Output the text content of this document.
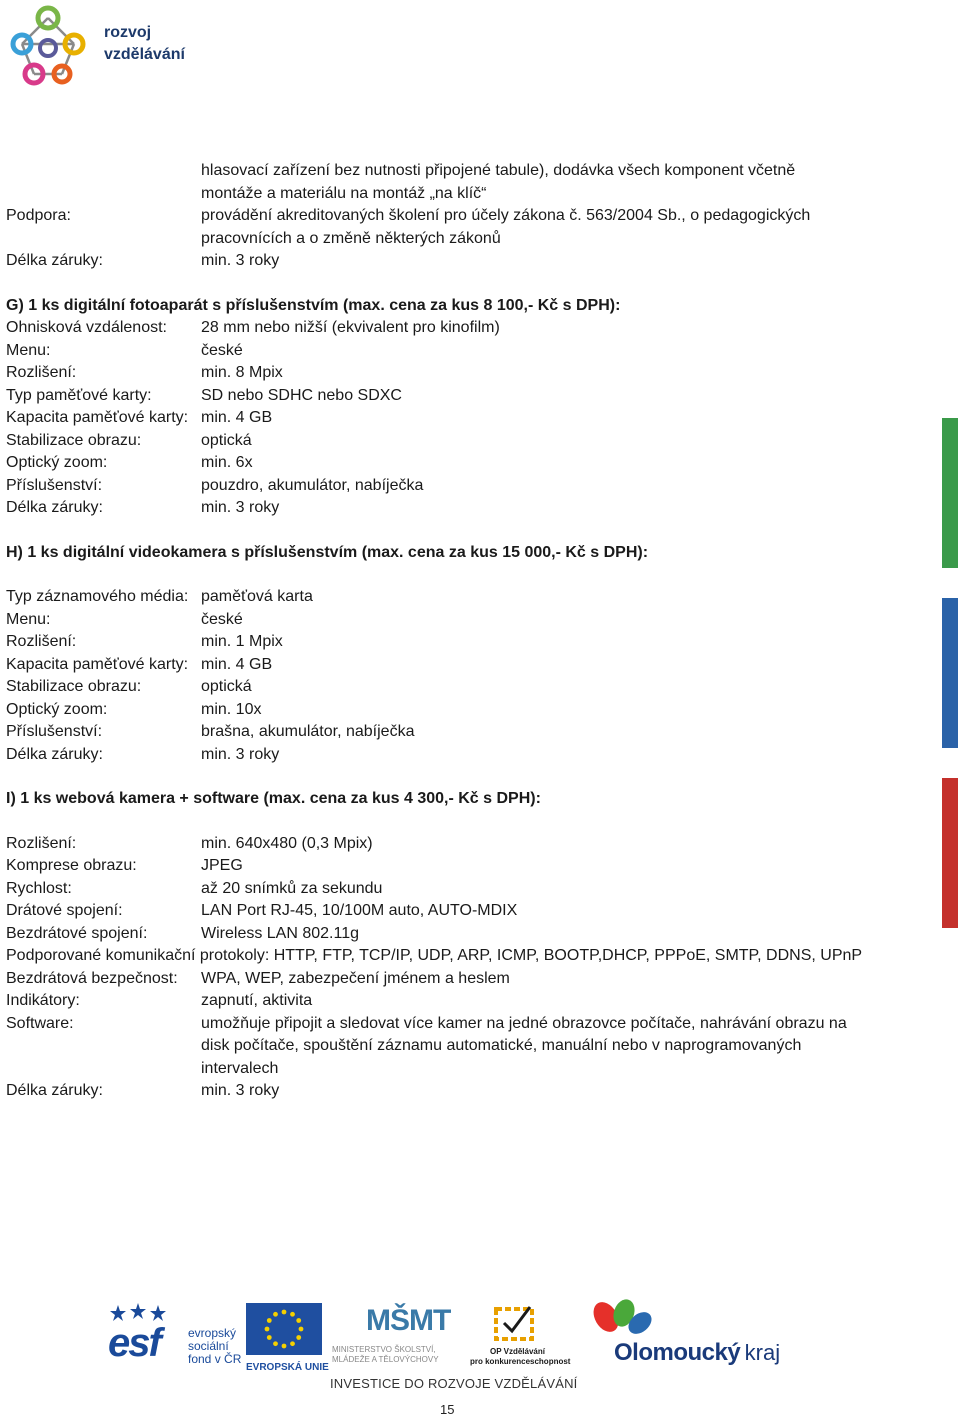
rozvoj
vzdělávání
hlasovací zařízení bez nutnosti připojené tabule), dodávka všech komponent včetně
montáže a materiálu na montáž „na klíč“
Podpora:	provádění akreditovaných školení pro účely zákona č. 563/2004 Sb., o pedagogických
pracovnících a o změně některých zákonů
Délka záruky:	min. 3 roky
G) 1 ks digitální fotoaparát s příslušenstvím (max. cena za kus 8 100,- Kč s DPH):
Ohnisková vzdálenost: 28 mm nebo nižší (ekvivalent pro kinofilm)
Menu:	české
Rozlišení:	min. 8 Mpix
Typ paměťové karty:	SD nebo SDHC nebo SDXC
Kapacita paměťové karty: min. 4 GB
Stabilizace obrazu:	optická
Optický zoom:	min. 6x
Příslušenství:	pouzdro, akumulátor, nabíječka
Délka záruky:	min. 3 roky
H) 1 ks digitální videokamera s příslušenstvím (max. cena za kus 15 000,- Kč s DPH):
Typ záznamového média: paměťová karta
Menu:	české
Rozlišení:	min. 1 Mpix
Kapacita paměťové karty: min. 4 GB
Stabilizace obrazu:	optická
Optický zoom:	min. 10x
Příslušenství:	brašna, akumulátor, nabíječka
Délka záruky:	min. 3 roky
I) 1 ks webová kamera + software (max. cena za kus 4 300,- Kč s DPH):
Rozlišení:	min. 640x480 (0,3 Mpix)
Komprese obrazu:	JPEG
Rychlost:	až 20 snímků za sekundu
Drátové spojení:	LAN Port RJ-45, 10/100M auto, AUTO-MDIX
Bezdrátové spojení:	Wireless LAN 802.11g
Podporované komunikační protokoly: HTTP, FTP, TCP/IP, UDP, ARP, ICMP, BOOTP,DHCP, PPPoE, SMTP, DDNS, UPnP
Bezdrátová bezpečnost: WPA, WEP, zabezpečení jménem a heslem
Indikátory:	zapnutí, aktivita
Software:	umožňuje připojit a sledovat více kamer na jedné obrazovce počítače, nahrávání obrazu na
disk počítače, spouštění záznamu automatické, manuální nebo v naprogramovaných
intervalech
Délka záruky:	min. 3 roky
esf evropský
sociální
fond v ČR
EVROPSKÁ UNIE
MŠMT
MINISTERSTVO ŠKOLSTVÍ,
MLÁDEŽE A TĚLOVÝCHOVY
OP Vzdělávání
pro konkurenceschopnost Olomoucký kraj
INVESTICE DO ROZVOJE VZDĚLÁVÁNÍ
15
